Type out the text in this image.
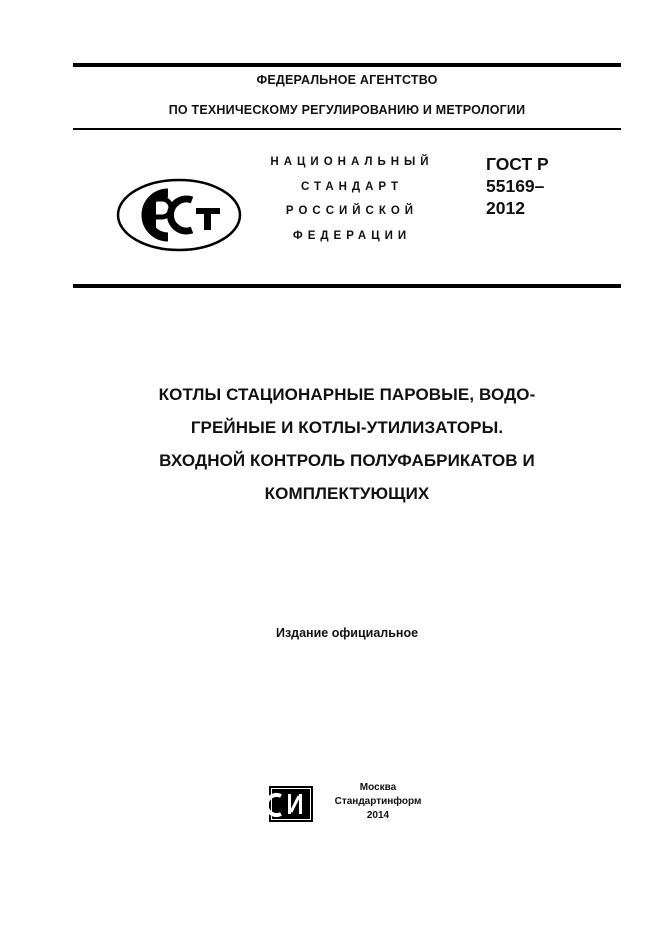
ФЕДЕРАЛЬНОЕ АГЕНТСТВО
ПО ТЕХНИЧЕСКОМУ РЕГУЛИРОВАНИЮ И МЕТРОЛОГИИ
НАЦИОНАЛЬНЫЙ
СТАНДАРТ
РОССИЙСКОЙ
ФЕДЕРАЦИИ
ГОСТ Р
55169–
2012
КОТЛЫ СТАЦИОНАРНЫЕ ПАРОВЫЕ, ВОДО-
ГРЕЙНЫЕ И КОТЛЫ-УТИЛИЗАТОРЫ.
ВХОДНОЙ КОНТРОЛЬ ПОЛУФАБРИКАТОВ И
КОМПЛЕКТУЮЩИХ
Издание официальное
Москва
Стандартинформ
2014
